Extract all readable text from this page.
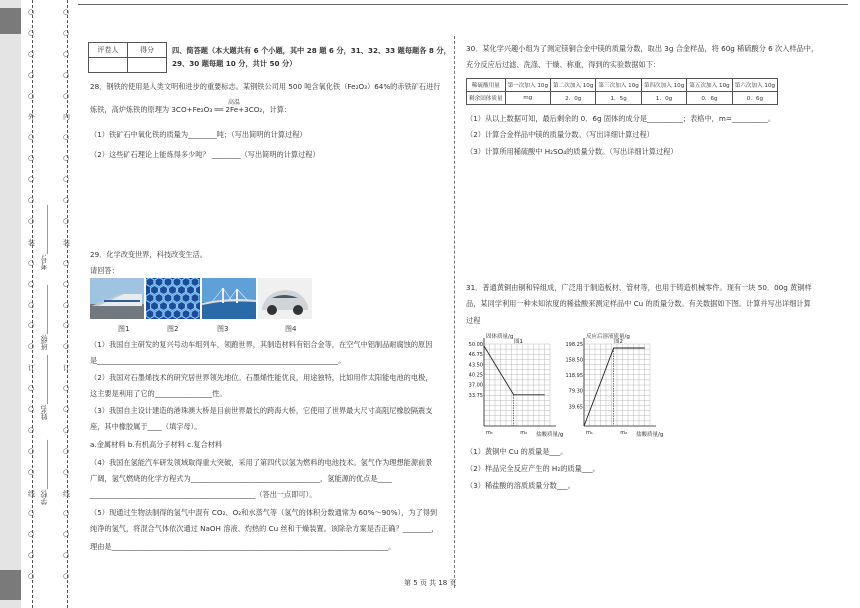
○
○
○
○
○
外
○
○
○
○
○
装
○
○
○
○
○
订
○
○
○
○
○
线
○
○
○
○
○
○
○
○
○
内
○
○
○
○
○
装
○
○
○
○
○
订
○
○
○
○
○
线
○
○
○
○
学校:______________
姓名:______________
班级:______________
考号:______________
评卷人	得分
		四、简答题（本大题共有 6 个小题，其中 28 题 6 分，31、32、33 题每题各 8 分，
29、30 题每题 10 分，共计 50 分）
28．钢铁的使用是人类文明和进步的重要标志。某钢铁公司用 500 吨含氧化铁（Fe₂O₃）64%的赤铁矿石进行
高温
炼铁，高炉炼铁的原理为 3CO+Fe₂O₃ ══ 2Fe+3CO₂，计算：
（1）铁矿石中氧化铁的质量为________吨；（写出简明的计算过程）
（2）这些矿石理论上能炼得多少吨？ ________（写出简明的计算过程）
29．化学改变世界，科技改变生活。
请回答：
图1	图2	图3	图4
（1）我国自主研发的复兴号动车组列车，领跑世界，其制造材料有铝合金等，在空气中铝制品耐腐蚀的原因
是___________________________________________________________________。
（2）我国对石墨烯技术的研究居世界领先地位。石墨烯性能优良，用途独特，比如用作太阳能电池的电极，
这主要是利用了它的________________性。
（3）我国自主设计建造的港珠澳大桥是目前世界最长的跨海大桥，它使用了世界最大尺寸高阻尼橡胶隔震支
座，其中橡胶属于____（填字母）。
a.金属材料 b.有机高分子材料 c.复合材料
（4）我国在氢能汽车研发领域取得重大突破，采用了第四代以氢为燃料的电池技术。氢气作为理想能源前景
广阔，氢气燃烧的化学方程式为____________________________________，氢能源的优点是____
______________________________________________（答出一点即可）。
（5）现通过生物法制得的氢气中混有 CO₂、O₂和水蒸气等（氢气的体积分数通常为 60%～90%），为了得到
纯净的氢气，将混合气体依次通过 NaOH 溶液、灼热的 Cu 丝和干燥装置。该除杂方案是否正确？________，
理由是_____________________________________________________________________________。
30．某化学兴趣小组为了测定镁铜合金中镁的质量分数，取出 3g 合金样品，将 60g 稀硫酸分 6 次入样品中，
充分反应后过滤、洗涤、干燥、称重，得到的实验数据如下：
稀硫酸用量	第一次加入 10g	第二次加入 10g	第三次加入 10g	第四次加入 10g	第五次加入 10g	第六次加入 10g
剩余固体质量	mg	2．0g	1．5g	1．0g	0．6g	0．6g
（1）从以上数据可知，最后剩余的 0．6g 固体的成分是__________；表格中，m=__________。
（2）计算合金样品中镁的质量分数。（写出详细计算过程）
（3）计算所用稀硫酸中 H₂SO₄的质量分数。（写出详细计算过程）
31．普通黄铜由铜和锌组成，广泛用于制造板材、管材等，也用于铸造机械零件。现有一块 50．00g 黄铜样
品，某同学利用一种未知浓度的稀盐酸来测定样品中 Cu 的质量分数。有关数据如下图。计算并写出详细计算
过程
固体质量/g
图1
盐酸质量/g
50.00
46.75
43.50
40.25
37.00
33.75
m₁	m₂
反应后溶液质量/g
图2
盐酸质量/g
198.25
158.50
118.95
79.30
39.65
m₁	m₂
（1）黄铜中 Cu 的质量是___。
（2）样品完全反应产生的 H₂的质量___。
（3）稀盐酸的溶质质量分数___。
第 5 页 共 18 页
